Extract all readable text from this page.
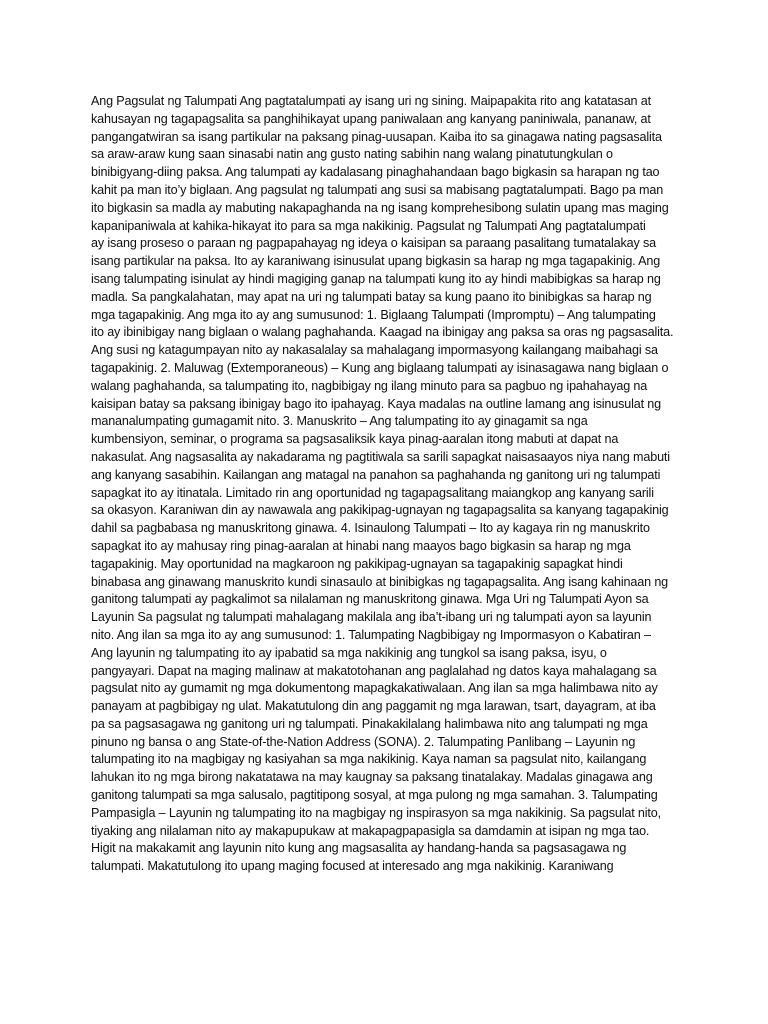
Ang Pagsulat ng Talumpati Ang pagtatalumpati ay isang uri ng sining. Maipapakita rito ang katatasan at
kahusayan ng tagapagsalita sa panghihikayat upang paniwalaan ang kanyang paniniwala, pananaw, at
pangangatwiran sa isang partikular na paksang pinag-uusapan. Kaiba ito sa ginagawa nating pagsasalita
sa araw-araw kung saan sinasabi natin ang gusto nating sabihin nang walang pinatutungkulan o
binibigyang-diing paksa. Ang talumpati ay kadalasang pinaghahandaan bago bigkasin sa harapan ng tao
kahit pa man ito’y biglaan. Ang pagsulat ng talumpati ang susi sa mabisang pagtatalumpati. Bago pa man
ito bigkasin sa madla ay mabuting nakapaghanda na ng isang komprehesibong sulatin upang mas maging
kapanipaniwala at kahika-hikayat ito para sa mga nakikinig. Pagsulat ng Talumpati Ang pagtatalumpati
ay isang proseso o paraan ng pagpapahayag ng ideya o kaisipan sa paraang pasalitang tumatalakay sa
isang partikular na paksa. Ito ay karaniwang isinusulat upang bigkasin sa harap ng mga tagapakinig. Ang
isang talumpating isinulat ay hindi magiging ganap na talumpati kung ito ay hindi mabibigkas sa harap ng
madla. Sa pangkalahatan, may apat na uri ng talumpati batay sa kung paano ito binibigkas sa harap ng
mga tagapakinig. Ang mga ito ay ang sumusunod: 1. Biglaang Talumpati (Impromptu) – Ang talumpating
ito ay ibinibigay nang biglaan o walang paghahanda. Kaagad na ibinigay ang paksa sa oras ng pagsasalita.
Ang susi ng katagumpayan nito ay nakasalalay sa mahalagang impormasyong kailangang maibahagi sa
tagapakinig. 2. Maluwag (Extemporaneous) – Kung ang biglaang talumpati ay isinasagawa nang biglaan o
walang paghahanda, sa talumpating ito, nagbibigay ng ilang minuto para sa pagbuo ng ipahahayag na
kaisipan batay sa paksang ibinigay bago ito ipahayag. Kaya madalas na outline lamang ang isinusulat ng
mananalumpating gumagamit nito. 3. Manuskrito – Ang talumpating ito ay ginagamit sa nga
kumbensiyon, seminar, o programa sa pagsasaliksik kaya pinag-aaralan itong mabuti at dapat na
nakasulat. Ang nagsasalita ay nakadarama ng pagtitiwala sa sarili sapagkat naisasaayos niya nang mabuti
ang kanyang sasabihin. Kailangan ang matagal na panahon sa paghahanda ng ganitong uri ng talumpati
sapagkat ito ay itinatala. Limitado rin ang oportunidad ng tagapagsalitang maiangkop ang kanyang sarili
sa okasyon. Karaniwan din ay nawawala ang pakikipag-ugnayan ng tagapagsalita sa kanyang tagapakinig
dahil sa pagbabasa ng manuskritong ginawa. 4. Isinaulong Talumpati – Ito ay kagaya rin ng manuskrito
sapagkat ito ay mahusay ring pinag-aaralan at hinabi nang maayos bago bigkasin sa harap ng mga
tagapakinig. May oportunidad na magkaroon ng pakikipag-ugnayan sa tagapakinig sapagkat hindi
binabasa ang ginawang manuskrito kundi sinasaulo at binibigkas ng tagapagsalita. Ang isang kahinaan ng
ganitong talumpati ay pagkalimot sa nilalaman ng manuskritong ginawa. Mga Uri ng Talumpati Ayon sa
Layunin Sa pagsulat ng talumpati mahalagang makilala ang iba’t-ibang uri ng talumpati ayon sa layunin
nito. Ang ilan sa mga ito ay ang sumusunod: 1. Talumpating Nagbibigay ng Impormasyon o Kabatiran –
Ang layunin ng talumpating ito ay ipabatid sa mga nakikinig ang tungkol sa isang paksa, isyu, o
pangyayari. Dapat na maging malinaw at makatotohanan ang paglalahad ng datos kaya mahalagang sa
pagsulat nito ay gumamit ng mga dokumentong mapagkakatiwalaan. Ang ilan sa mga halimbawa nito ay
panayam at pagbibigay ng ulat. Makatutulong din ang paggamit ng mga larawan, tsart, dayagram, at iba
pa sa pagsasagawa ng ganitong uri ng talumpati. Pinakakilalang halimbawa nito ang talumpati ng mga
pinuno ng bansa o ang State-of-the-Nation Address (SONA). 2. Talumpating Panlibang – Layunin ng
talumpating ito na magbigay ng kasiyahan sa mga nakikinig. Kaya naman sa pagsulat nito, kailangang
lahukan ito ng mga birong nakatatawa na may kaugnay sa paksang tinatalakay. Madalas ginagawa ang
ganitong talumpati sa mga salusalo, pagtitipong sosyal, at mga pulong ng mga samahan. 3. Talumpating
Pampasigla – Layunin ng talumpating ito na magbigay ng inspirasyon sa mga nakikinig. Sa pagsulat nito,
tiyaking ang nilalaman nito ay makapupukaw at makapagpapasigla sa damdamin at isipan ng mga tao.
Higit na makakamit ang layunin nito kung ang magsasalita ay handang-handa sa pagsasagawa ng
talumpati. Makatutulong ito upang maging focused at interesado ang mga nakikinig. Karaniwang
